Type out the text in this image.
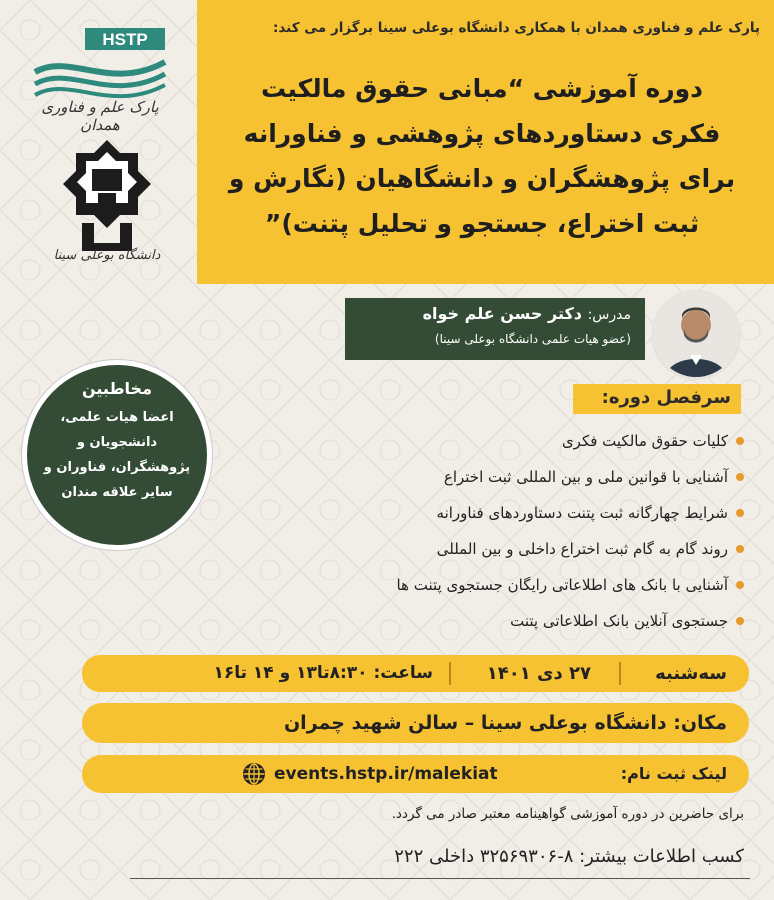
HSTP
پارک علم و فناوری همدان
دانشگاه بوعلی سینا
پارک علم و فناوری همدان با همکاری دانشگاه بوعلی سینا برگزار می کند:
دوره آموزشی “مبانی حقوق مالکیت
فکری دستاوردهای پژوهشی و فناورانه
برای پژوهشگران و دانشگاهیان (نگارش و
ثبت اختراع، جستجو و تحلیل پتنت)”
مدرس: دکتر حسن علم خواه
(عضو هیات علمی دانشگاه بوعلی سینا)
مخاطبین
اعضا هیات علمی،
دانشجویان و
پژوهشگران، فناوران و
سایر علاقه مندان
سرفصل دوره:
کلیات حقوق مالکیت فکری
آشنایی با قوانین ملی و بین المللی ثبت اختراع
شرایط چهارگانه ثبت پتنت دستاوردهای فناورانه
روند گام به گام ثبت اختراع داخلی و بین المللی
آشنایی با بانک های اطلاعاتی رایگان جستجوی پتنت ها
جستجوی آنلاین بانک اطلاعاتی پتنت
سه‌شنبه
۲۷ دی ۱۴۰۱
ساعت: ۸:۳۰تا۱۳ و ۱۴ تا۱۶
مکان: دانشگاه بوعلی سینا – سالن شهید چمران
لینک ثبت نام:
events.hstp.ir/malekiat
برای حاضرین در دوره آموزشی گواهینامه معتبر صادر می گردد.
کسب اطلاعات بیشتر: ۸-۳۲۵۶۹۳۰۶ داخلی ۲۲۲
